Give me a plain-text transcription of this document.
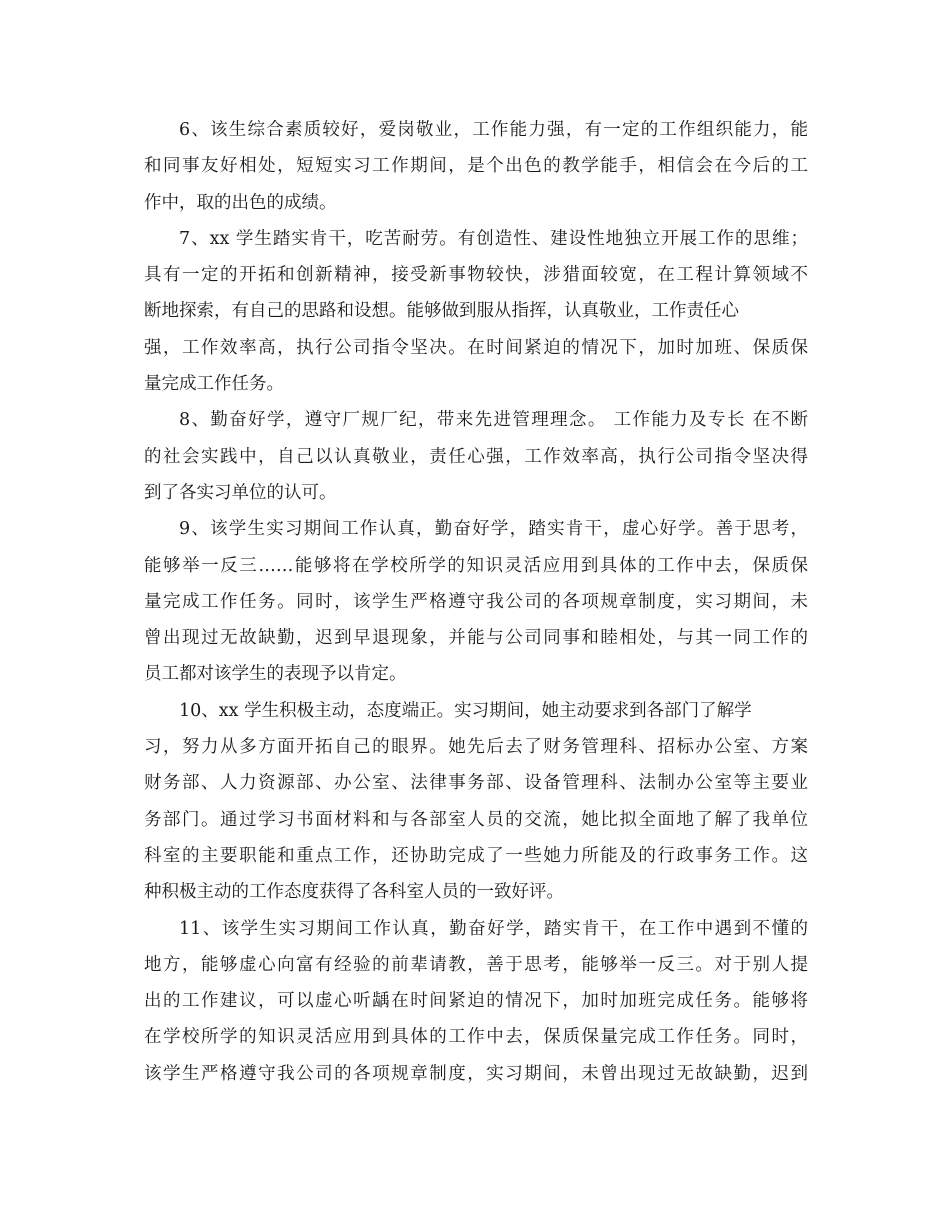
6、该生综合素质较好，爱岗敬业，工作能力强，有一定的工作组织能力，能
和同事友好相处，短短实习工作期间，是个出色的教学能手，相信会在今后的工
作中，取的出色的成绩。
7、xx 学生踏实肯干，吃苦耐劳。有创造性、建设性地独立开展工作的思维；
具有一定的开拓和创新精神，接受新事物较快，涉猎面较宽，在工程计算领域不
断地探索，有自己的思路和设想。能够做到服从指挥，认真敬业，工作责任心
强，工作效率高，执行公司指令坚决。在时间紧迫的情况下，加时加班、保质保
量完成工作任务。
8、勤奋好学，遵守厂规厂纪，带来先进管理理念。 工作能力及专长 在不断
的社会实践中，自己以认真敬业，责任心强，工作效率高，执行公司指令坚决得
到了各实习单位的认可。
9、该学生实习期间工作认真，勤奋好学，踏实肯干，虚心好学。善于思考，
能够举一反三……能够将在学校所学的知识灵活应用到具体的工作中去，保质保
量完成工作任务。同时，该学生严格遵守我公司的各项规章制度，实习期间，未
曾出现过无故缺勤，迟到早退现象，并能与公司同事和睦相处，与其一同工作的
员工都对该学生的表现予以肯定。
10、xx 学生积极主动，态度端正。实习期间，她主动要求到各部门了解学
习，努力从多方面开拓自己的眼界。她先后去了财务管理科、招标办公室、方案
财务部、人力资源部、办公室、法律事务部、设备管理科、法制办公室等主要业
务部门。通过学习书面材料和与各部室人员的交流，她比拟全面地了解了我单位
科室的主要职能和重点工作，还协助完成了一些她力所能及的行政事务工作。这
种积极主动的工作态度获得了各科室人员的一致好评。
11、该学生实习期间工作认真，勤奋好学，踏实肯干，在工作中遇到不懂的
地方，能够虚心向富有经验的前辈请教，善于思考，能够举一反三。对于别人提
出的工作建议，可以虚心听龋在时间紧迫的情况下，加时加班完成任务。能够将
在学校所学的知识灵活应用到具体的工作中去，保质保量完成工作任务。同时，
该学生严格遵守我公司的各项规章制度，实习期间，未曾出现过无故缺勤，迟到
